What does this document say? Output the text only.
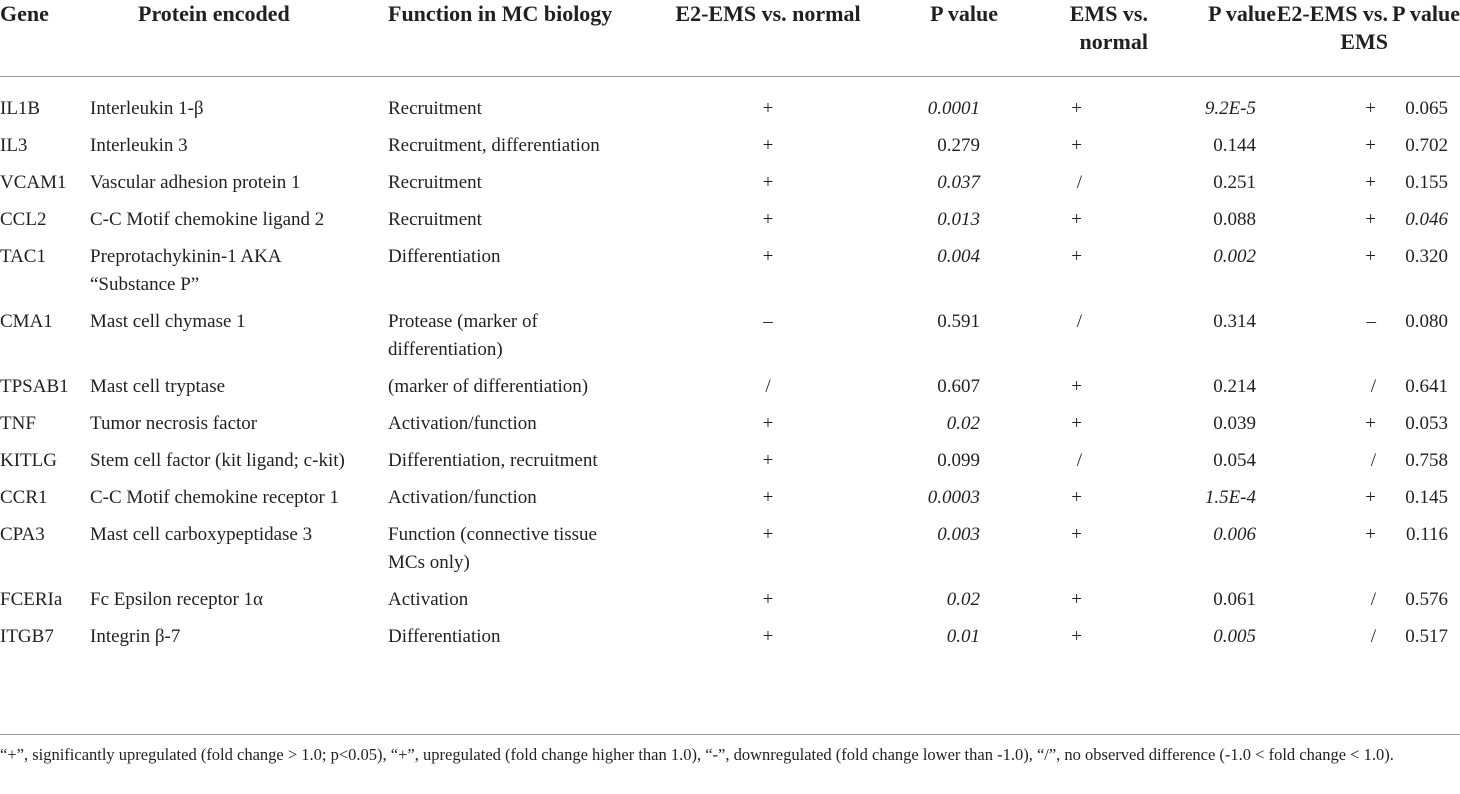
Gene	Protein encoded	Function in MC biology	E2-EMS vs. normal	P value	EMS vs. normal	P value	E2-EMS vs. EMS	P value
IL1B	Interleukin 1-β	Recruitment	+	0.0001	+	9.2E-5	+	0.065
IL3	Interleukin 3	Recruitment, differentiation	+	0.279	+	0.144	+	0.702
VCAM1	Vascular adhesion protein 1	Recruitment	+	0.037	/	0.251	+	0.155
CCL2	C-C Motif chemokine ligand 2	Recruitment	+	0.013	+	0.088	+	0.046
TAC1	Preprotachykinin-1 AKA “Substance P”	Differentiation	+	0.004	+	0.002	+	0.320
CMA1	Mast cell chymase 1	Protease (marker of differentiation)	–	0.591	/	0.314	–	0.080
TPSAB1	Mast cell tryptase	(marker of differentiation)	/	0.607	+	0.214	/	0.641
TNF	Tumor necrosis factor	Activation/function	+	0.02	+	0.039	+	0.053
KITLG	Stem cell factor (kit ligand; c-kit)	Differentiation, recruitment	+	0.099	/	0.054	/	0.758
CCR1	C-C Motif chemokine receptor 1	Activation/function	+	0.0003	+	1.5E-4	+	0.145
CPA3	Mast cell carboxypeptidase 3	Function (connective tissue MCs only)	+	0.003	+	0.006	+	0.116
FCERIa	Fc Epsilon receptor 1α	Activation	+	0.02	+	0.061	/	0.576
ITGB7	Integrin β-7	Differentiation	+	0.01	+	0.005	/	0.517
“+”, significantly upregulated (fold change > 1.0; p<0.05), “+”, upregulated (fold change higher than 1.0), “-”, downregulated (fold change lower than -1.0), “/”, no observed difference (-1.0 < fold change < 1.0).
